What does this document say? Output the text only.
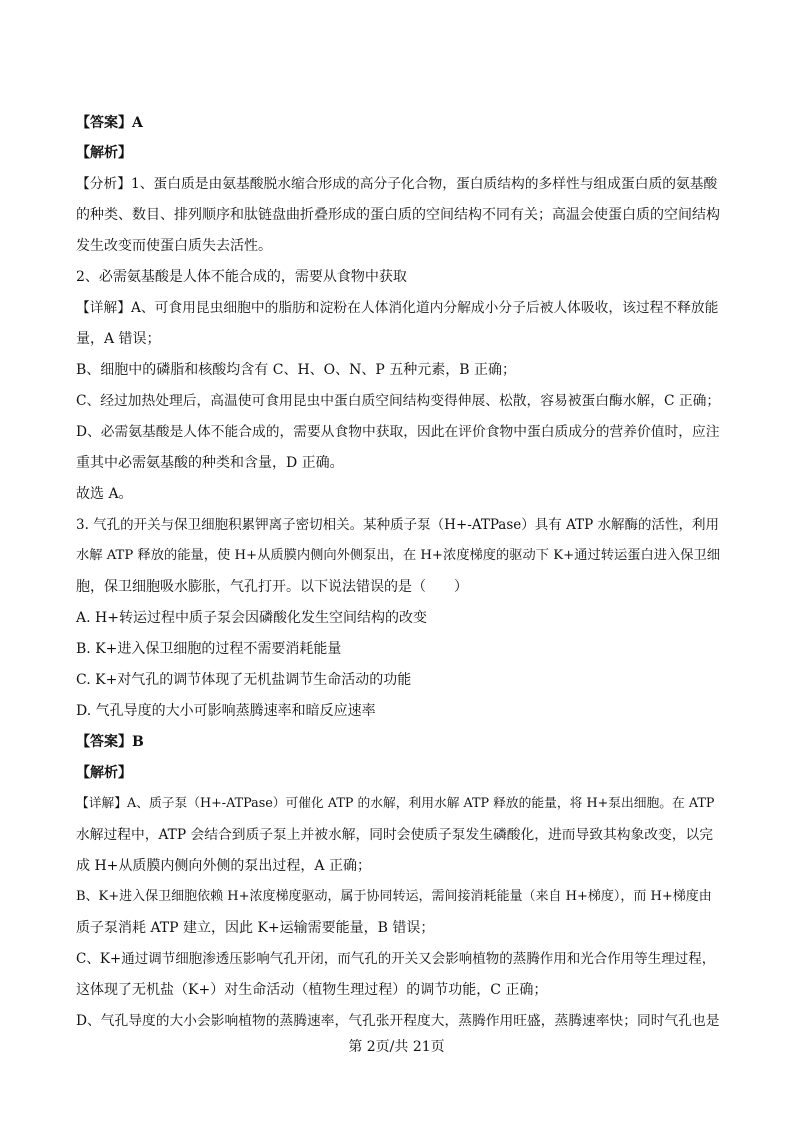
【答案】A
【解析】
【分析】1、蛋白质是由氨基酸脱水缩合形成的高分子化合物，蛋白质结构的多样性与组成蛋白质的氨基酸
的种类、数目、排列顺序和肽链盘曲折叠形成的蛋白质的空间结构不同有关；高温会使蛋白质的空间结构
发生改变而使蛋白质失去活性。
2、必需氨基酸是人体不能合成的，需要从食物中获取
【详解】A、可食用昆虫细胞中的脂肪和淀粉在人体消化道内分解成小分子后被人体吸收，该过程不释放能
量，A 错误；
B、细胞中的磷脂和核酸均含有 C、H、O、N、P 五种元素，B 正确；
C、经过加热处理后，高温使可食用昆虫中蛋白质空间结构变得伸展、松散，容易被蛋白酶水解，C 正确；
D、必需氨基酸是人体不能合成的，需要从食物中获取，因此在评价食物中蛋白质成分的营养价值时，应注
重其中必需氨基酸的种类和含量，D 正确。
故选 A。
3. 气孔的开关与保卫细胞积累钾离子密切相关。某种质子泵（H+-ATPase）具有 ATP 水解酶的活性，利用
水解 ATP 释放的能量，使 H+从质膜内侧向外侧泵出，在 H+浓度梯度的驱动下 K+通过转运蛋白进入保卫细
胞，保卫细胞吸水膨胀，气孔打开。以下说法错误的是（　　）
A. H+转运过程中质子泵会因磷酸化发生空间结构的改变
B. K+进入保卫细胞的过程不需要消耗能量
C. K+对气孔的调节体现了无机盐调节生命活动的功能
D. 气孔导度的大小可影响蒸腾速率和暗反应速率
【答案】B
【解析】
【详解】A、质子泵（H+-ATPase）可催化 ATP 的水解，利用水解 ATP 释放的能量，将 H+泵出细胞。在 ATP
水解过程中，ATP 会结合到质子泵上并被水解，同时会使质子泵发生磷酸化，进而导致其构象改变，以完
成 H+从质膜内侧向外侧的泵出过程，A 正确；
B、K+进入保卫细胞依赖 H+浓度梯度驱动，属于协同转运，需间接消耗能量（来自 H+梯度），而 H+梯度由
质子泵消耗 ATP 建立，因此 K+运输需要能量，B 错误；
C、K+通过调节细胞渗透压影响气孔开闭，而气孔的开关又会影响植物的蒸腾作用和光合作用等生理过程，
这体现了无机盐（K+）对生命活动（植物生理过程）的调节功能，C 正确；
D、气孔导度的大小会影响植物的蒸腾速率，气孔张开程度大，蒸腾作用旺盛，蒸腾速率快；同时气孔也是
第 2页/共 21页
